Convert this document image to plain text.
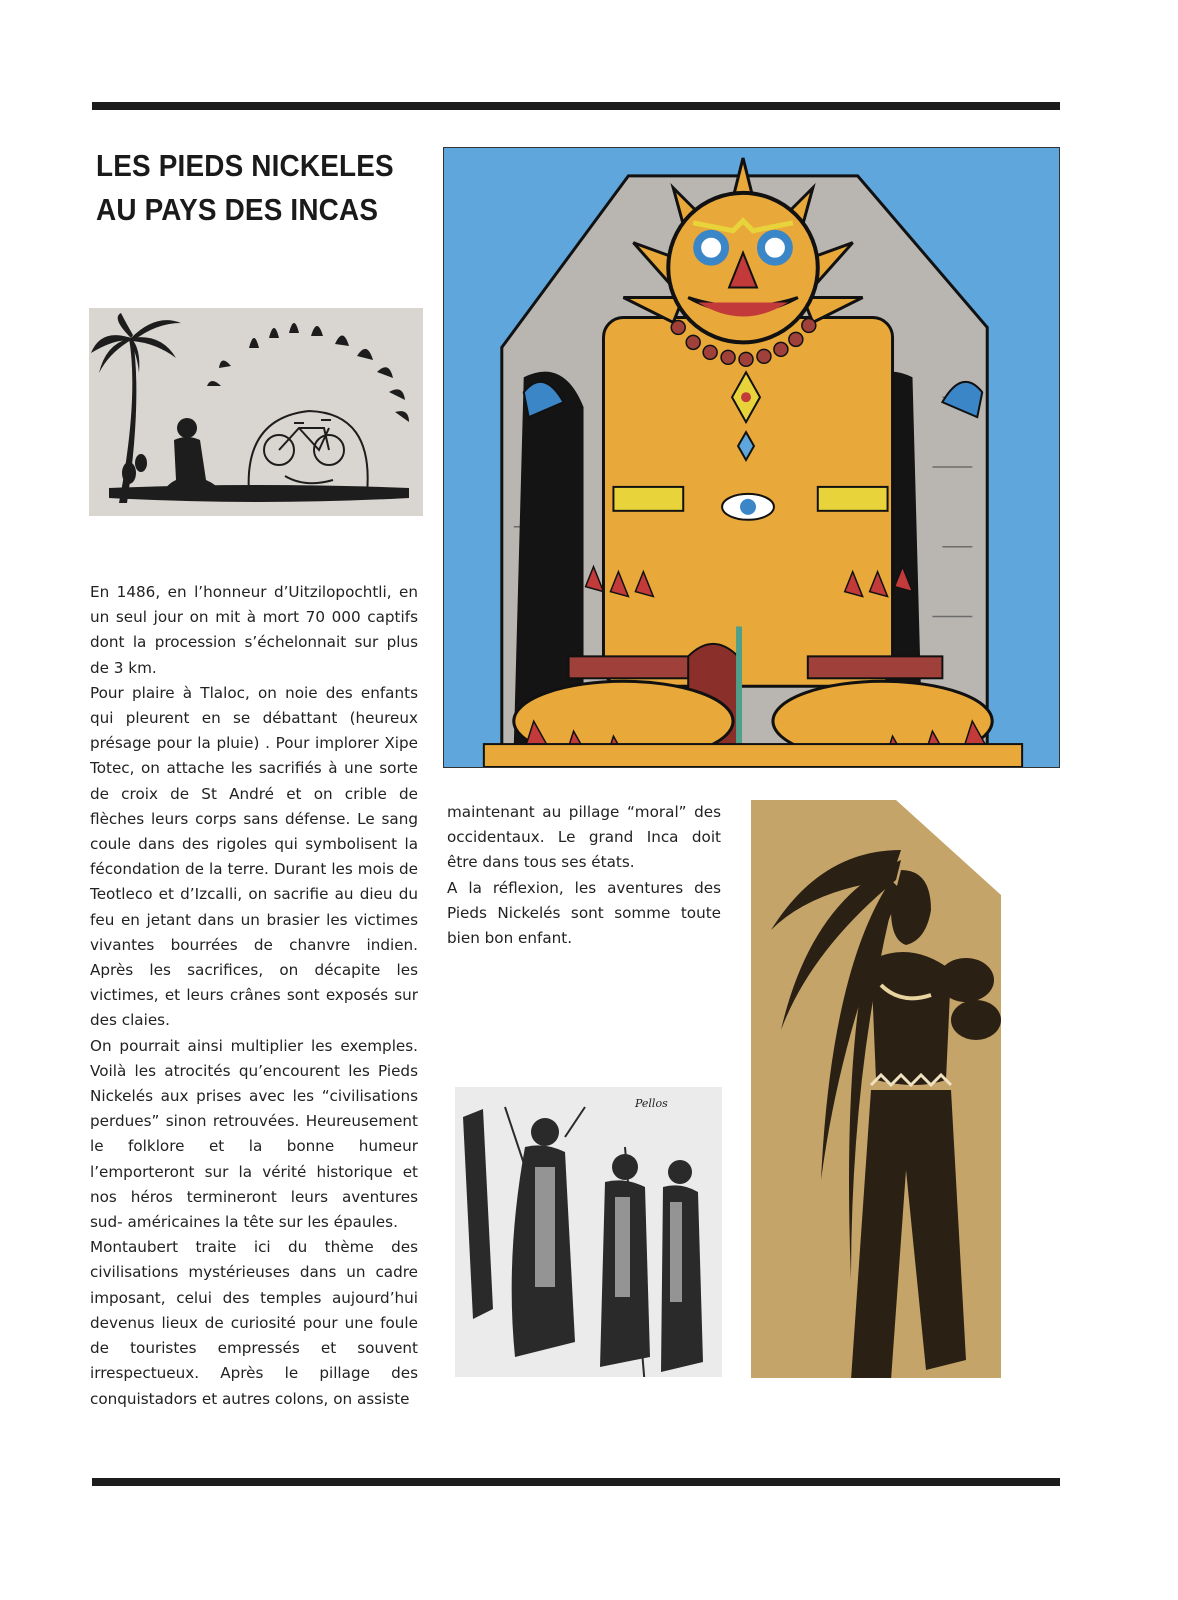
LES PIEDS NICKELES
AU PAYS DES INCAS

En 1486, en l’honneur d’Uitzilopochtli, en un seul jour on mit à mort 70 000 captifs dont la procession s’échelonnait sur plus de 3 km.

Pour plaire à Tlaloc, on noie des enfants qui pleurent en se débattant (heureux présage pour la pluie) . Pour implorer Xipe Totec, on attache les sacrifiés à une sorte de croix de St André et on crible de flèches leurs corps sans défense. Le sang coule dans des rigoles qui symbolisent la fécondation de la terre. Durant les mois de Teotleco et d’Izcalli, on sacrifie au dieu du feu en jetant dans un brasier les victimes vivantes bourrées de chanvre indien. Après les sacrifices, on décapite les victimes, et leurs crânes sont exposés sur des claies.

On pourrait ainsi multiplier les exemples. Voilà les atrocités qu’encourent les Pieds Nickelés aux prises avec les “civilisations perdues” sinon retrouvées. Heureusement le folklore et la bonne humeur l’emporteront sur la vérité historique et nos héros termineront leurs aventures sud- américaines la tête sur les épaules.

Montaubert traite ici du thème des civilisations mystérieuses dans un cadre imposant, celui des temples aujourd’hui devenus lieux de curiosité pour une foule de touristes empressés et souvent irrespectueux. Après le pillage des conquistadors et autres colons, on assiste

maintenant au pillage “moral” des occidentaux. Le grand Inca doit être dans tous ses états.

A la réflexion, les aventures des Pieds Nickelés sont somme toute bien bon enfant.

Pellos
